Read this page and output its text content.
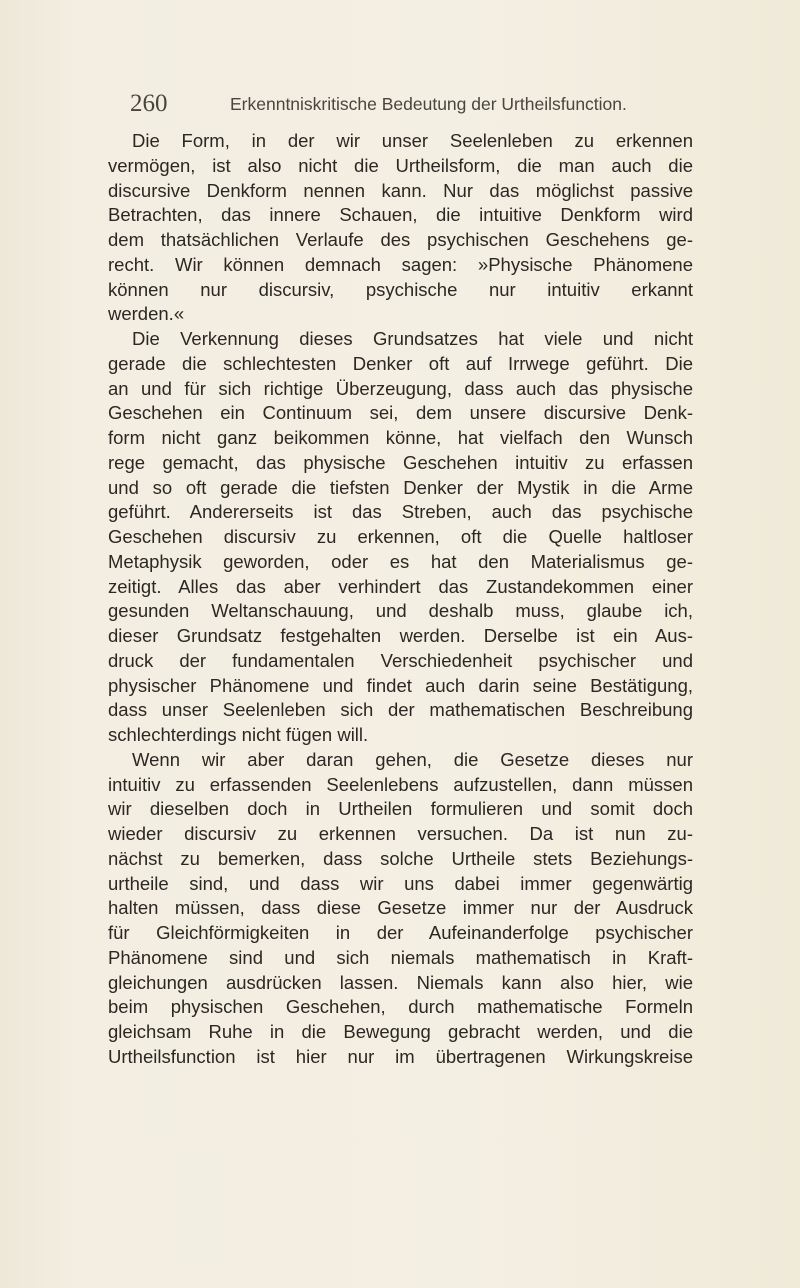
260	Erkenntniskritische Bedeutung der Urtheilsfunction.
Die Form, in der wir unser Seelenleben zu erkennen
vermögen, ist also nicht die Urtheilsform, die man auch die
discursive Denkform nennen kann. Nur das möglichst passive
Betrachten, das innere Schauen, die intuitive Denkform wird
dem thatsächlichen Verlaufe des psychischen Geschehens ge-
recht. Wir können demnach sagen: »Physische Phänomene
können nur discursiv, psychische nur intuitiv erkannt
werden.«
Die Verkennung dieses Grundsatzes hat viele und nicht
gerade die schlechtesten Denker oft auf Irrwege geführt. Die
an und für sich richtige Überzeugung, dass auch das physische
Geschehen ein Continuum sei, dem unsere discursive Denk-
form nicht ganz beikommen könne, hat vielfach den Wunsch
rege gemacht, das physische Geschehen intuitiv zu erfassen
und so oft gerade die tiefsten Denker der Mystik in die Arme
geführt. Andererseits ist das Streben, auch das psychische
Geschehen discursiv zu erkennen, oft die Quelle haltloser
Metaphysik geworden, oder es hat den Materialismus ge-
zeitigt. Alles das aber verhindert das Zustandekommen einer
gesunden Weltanschauung, und deshalb muss, glaube ich,
dieser Grundsatz festgehalten werden. Derselbe ist ein Aus-
druck der fundamentalen Verschiedenheit psychischer und
physischer Phänomene und findet auch darin seine Bestätigung,
dass unser Seelenleben sich der mathematischen Beschreibung
schlechterdings nicht fügen will.
Wenn wir aber daran gehen, die Gesetze dieses nur
intuitiv zu erfassenden Seelenlebens aufzustellen, dann müssen
wir dieselben doch in Urtheilen formulieren und somit doch
wieder discursiv zu erkennen versuchen. Da ist nun zu-
nächst zu bemerken, dass solche Urtheile stets Beziehungs-
urtheile sind, und dass wir uns dabei immer gegenwärtig
halten müssen, dass diese Gesetze immer nur der Ausdruck
für Gleichförmigkeiten in der Aufeinanderfolge psychischer
Phänomene sind und sich niemals mathematisch in Kraft-
gleichungen ausdrücken lassen. Niemals kann also hier, wie
beim physischen Geschehen, durch mathematische Formeln
gleichsam Ruhe in die Bewegung gebracht werden, und die
Urtheilsfunction ist hier nur im übertragenen Wirkungskreise
